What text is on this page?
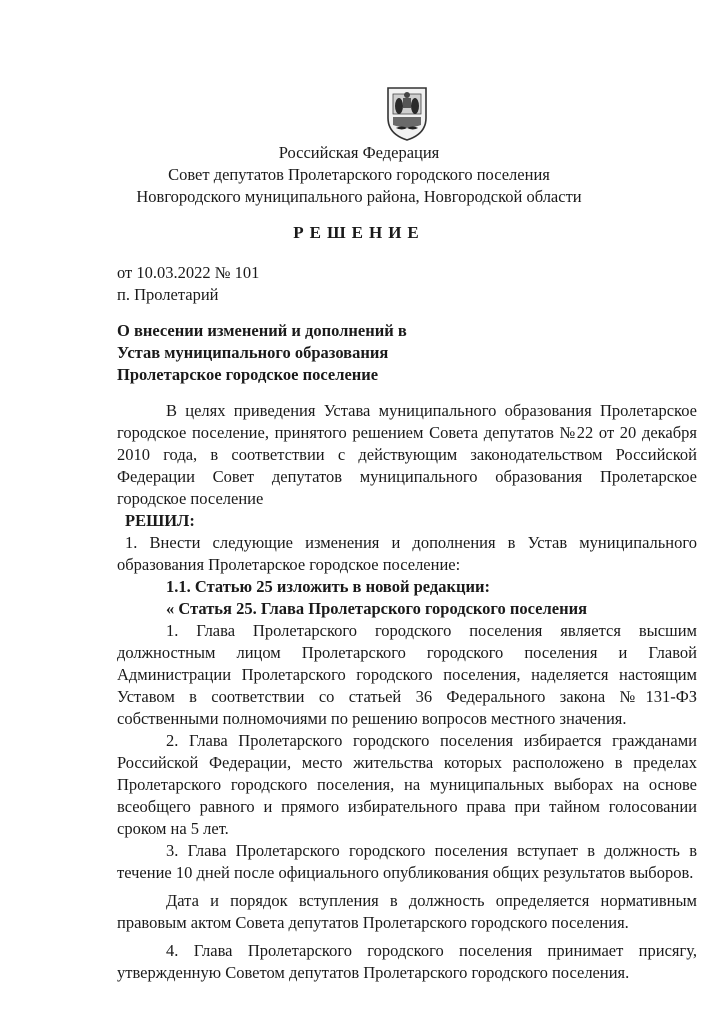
Российская Федерация
Совет депутатов Пролетарского городского поселения
Новгородского муниципального района, Новгородской области
РЕШЕНИЕ
от 10.03.2022 № 101
п. Пролетарий
О внесении изменений и дополнений в
Устав муниципального образования
Пролетарское городское поселение

В целях приведения Устава муниципального образования Пролетарское городское поселение, принятого решением Совета депутатов №22 от 20 декабря 2010 года, в соответствии с действующим законодательством Российской Федерации Совет депутатов муниципального образования Пролетарское городское поселение

РЕШИЛ:

1. Внести следующие изменения и дополнения в Устав муниципального образования Пролетарское городское поселение:

1.1. Статью 25 изложить в новой редакции:

« Статья 25. Глава Пролетарского городского поселения

1. Глава Пролетарского городского поселения является высшим должностным лицом Пролетарского городского поселения и Главой Администрации Пролетарского городского поселения, наделяется настоящим Уставом в соответствии со статьей 36 Федерального закона №131-ФЗ собственными полномочиями по решению вопросов местного значения.

2. Глава Пролетарского городского поселения избирается гражданами Российской Федерации, место жительства которых расположено в пределах Пролетарского городского поселения, на муниципальных выборах на основе всеобщего равного и прямого избирательного права при тайном голосовании сроком на 5 лет.

3. Глава Пролетарского городского поселения вступает в должность в течение 10 дней после официального опубликования общих результатов выборов.

Дата и порядок вступления в должность определяется нормативным правовым актом Совета депутатов Пролетарского городского поселения.

4. Глава Пролетарского городского поселения принимает присягу, утвержденную Советом депутатов Пролетарского городского поселения.
